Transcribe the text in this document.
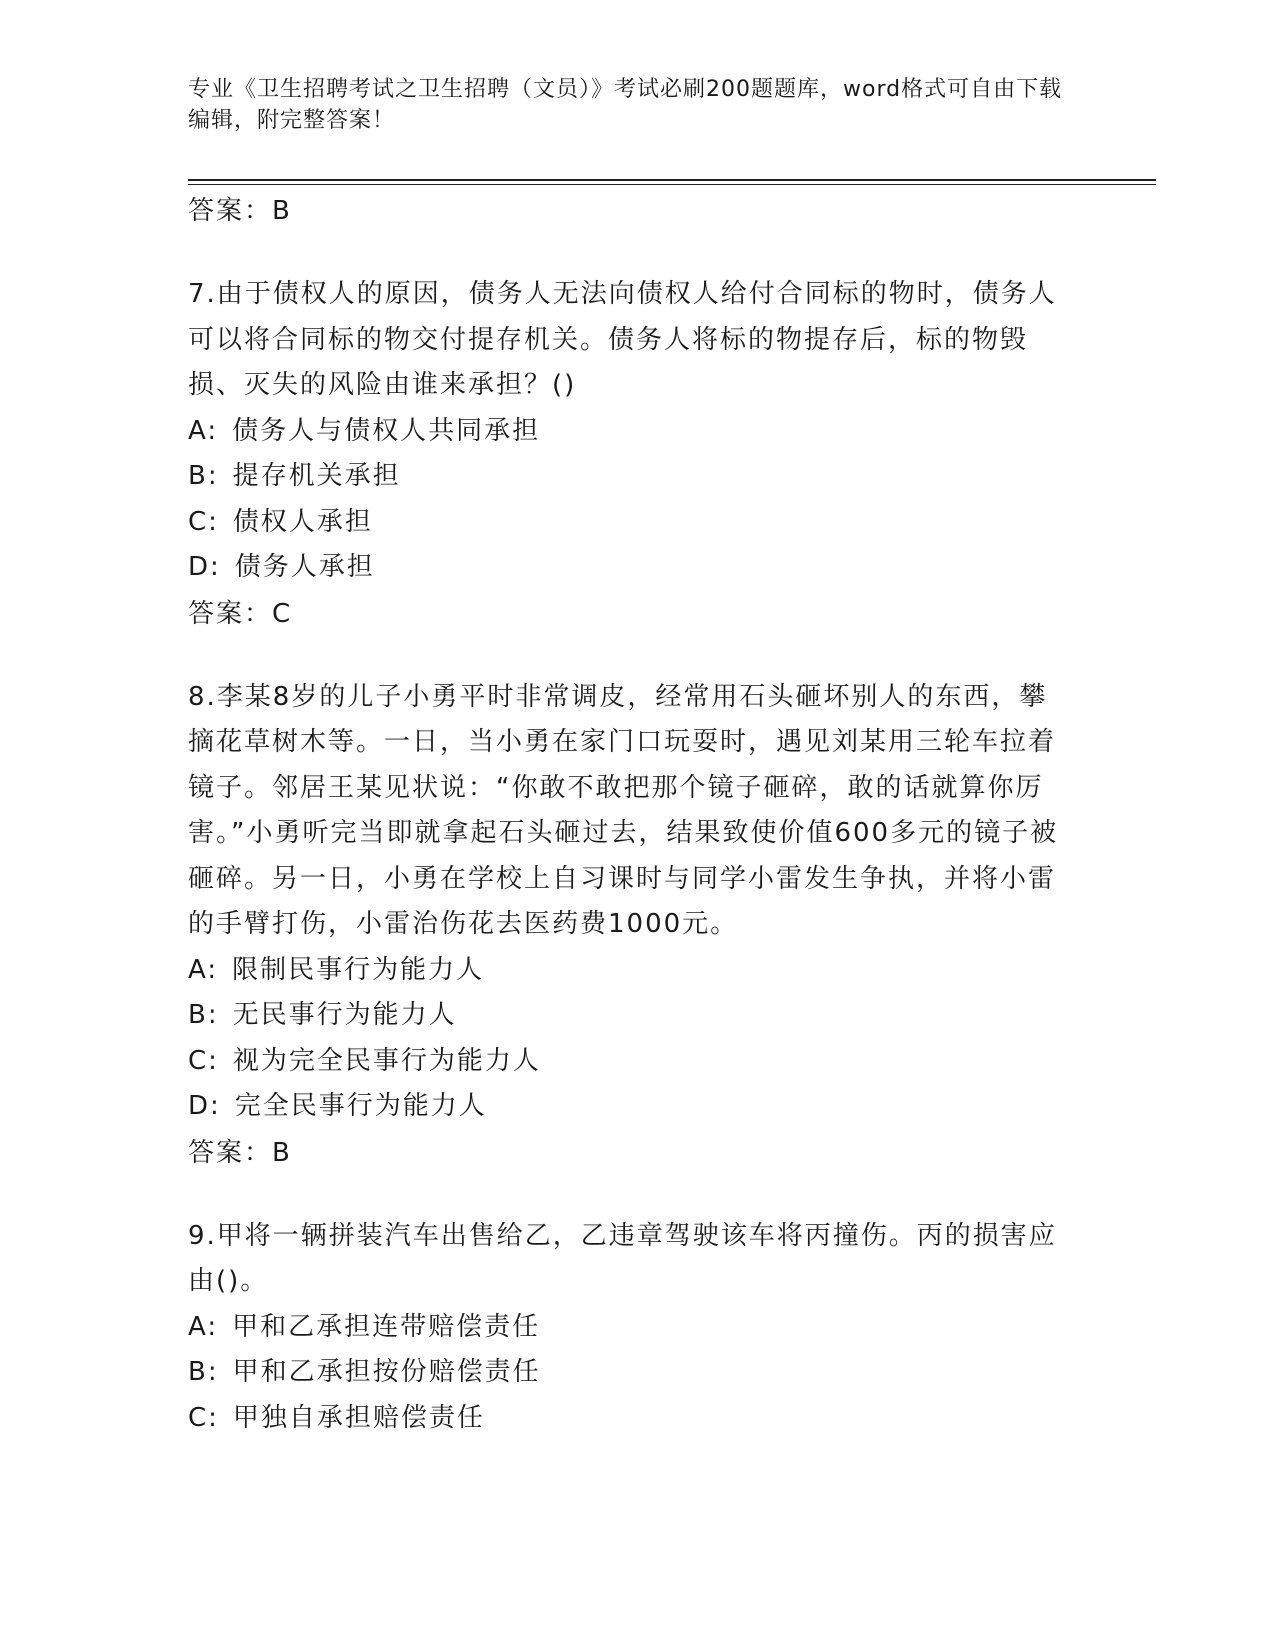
专业《卫生招聘考试之卫生招聘（文员）》考试必刷200题题库，word格式可自由下载编辑，附完整答案！

答案：B

7.由于债权人的原因，债务人无法向债权人给付合同标的物时，债务人可以将合同标的物交付提存机关。债务人将标的物提存后，标的物毁损、灭失的风险由谁来承担？()

A: 债务人与债权人共同承担

B: 提存机关承担

C: 债权人承担

D: 债务人承担

答案：C

8.李某8岁的儿子小勇平时非常调皮，经常用石头砸坏别人的东西，攀摘花草树木等。一日，当小勇在家门口玩耍时，遇见刘某用三轮车拉着镜子。邻居王某见状说：“你敢不敢把那个镜子砸碎，敢的话就算你厉害。”小勇听完当即就拿起石头砸过去，结果致使价值600多元的镜子被砸碎。另一日，小勇在学校上自习课时与同学小雷发生争执，并将小雷的手臂打伤，小雷治伤花去医药费1000元。

A: 限制民事行为能力人

B: 无民事行为能力人

C: 视为完全民事行为能力人

D: 完全民事行为能力人

答案：B

9.甲将一辆拼装汽车出售给乙，乙违章驾驶该车将丙撞伤。丙的损害应由()。

A: 甲和乙承担连带赔偿责任

B: 甲和乙承担按份赔偿责任

C: 甲独自承担赔偿责任
